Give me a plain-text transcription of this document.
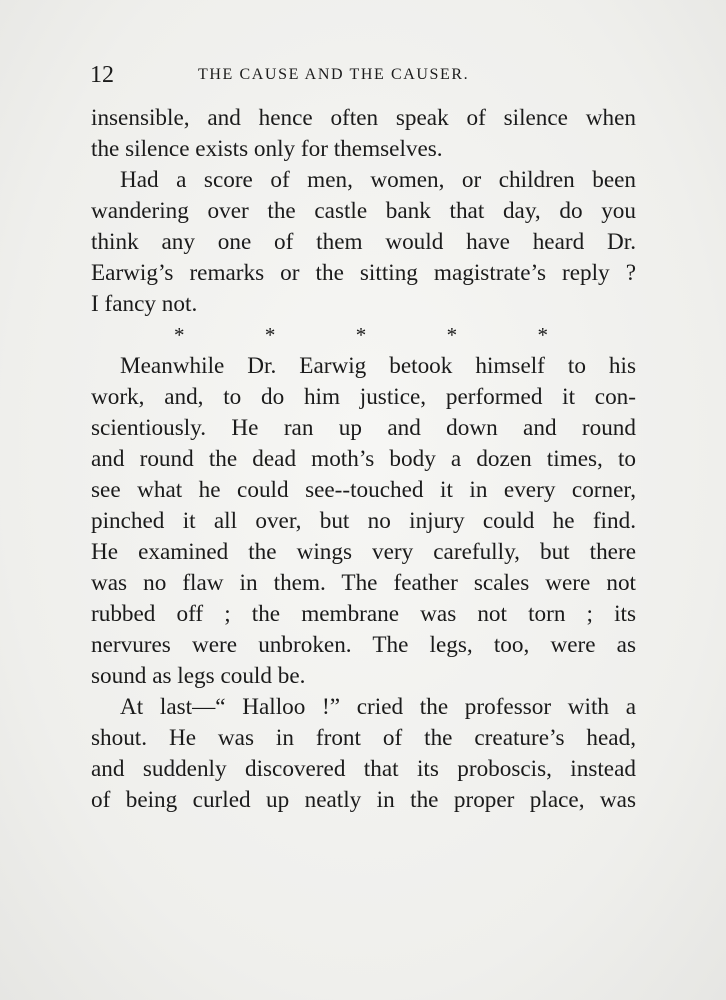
12	THE CAUSE AND THE CAUSER.
insensible, and hence often speak of silence when
the silence exists only for themselves.
Had a score of men, women, or children been
wandering over the castle bank that day, do you
think any one of them would have heard Dr.
Earwig’s remarks or the sitting magistrate’s reply ?
I fancy not.
*	*	*	*	*
Meanwhile Dr. Earwig betook himself to his
work, and, to do him justice, performed it con-
scientiously. He ran up and down and round
and round the dead moth’s body a dozen times, to
see what he could see--touched it in every corner,
pinched it all over, but no injury could he find.
He examined the wings very carefully, but there
was no flaw in them. The feather scales were not
rubbed off ; the membrane was not torn ; its
nervures were unbroken. The legs, too, were as
sound as legs could be.
At last—“ Halloo !” cried the professor with a
shout. He was in front of the creature’s head,
and suddenly discovered that its proboscis, instead
of being curled up neatly in the proper place, was
